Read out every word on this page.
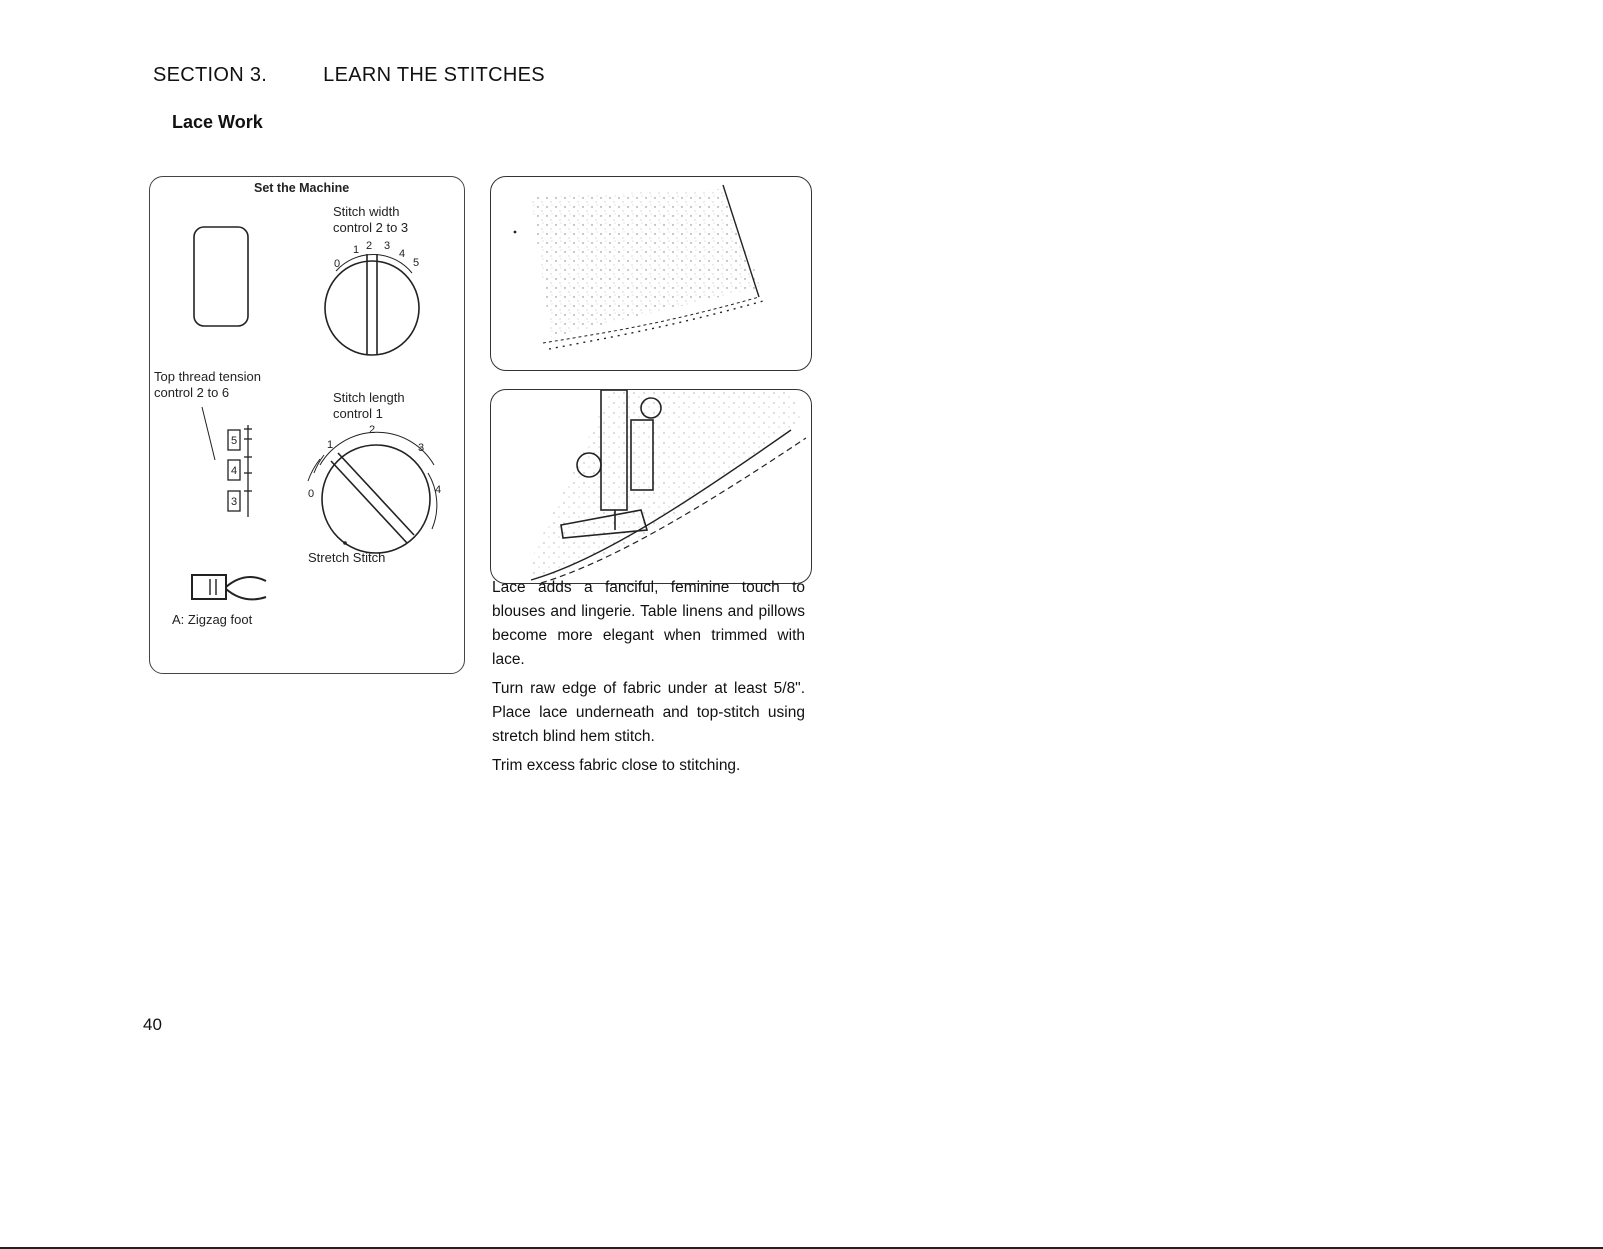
SECTION 3.	LEARN THE STITCHES
Lace Work
Set the Machine
Stitch width
control 2 to 3
0
1 2 3
4
5
5
4
3
0
1
2
3
4
Top thread tension
control 2 to 6	Stitch length
control 1
Stretch Stitch
A: Zigzag foot

Lace adds a fanciful, feminine touch to blouses and lingerie. Table linens and pillows become more elegant when trimmed with lace.

Turn raw edge of fabric under at least 5/8". Place lace underneath and top-stitch using stretch blind hem stitch.

Trim excess fabric close to stitching.

40
